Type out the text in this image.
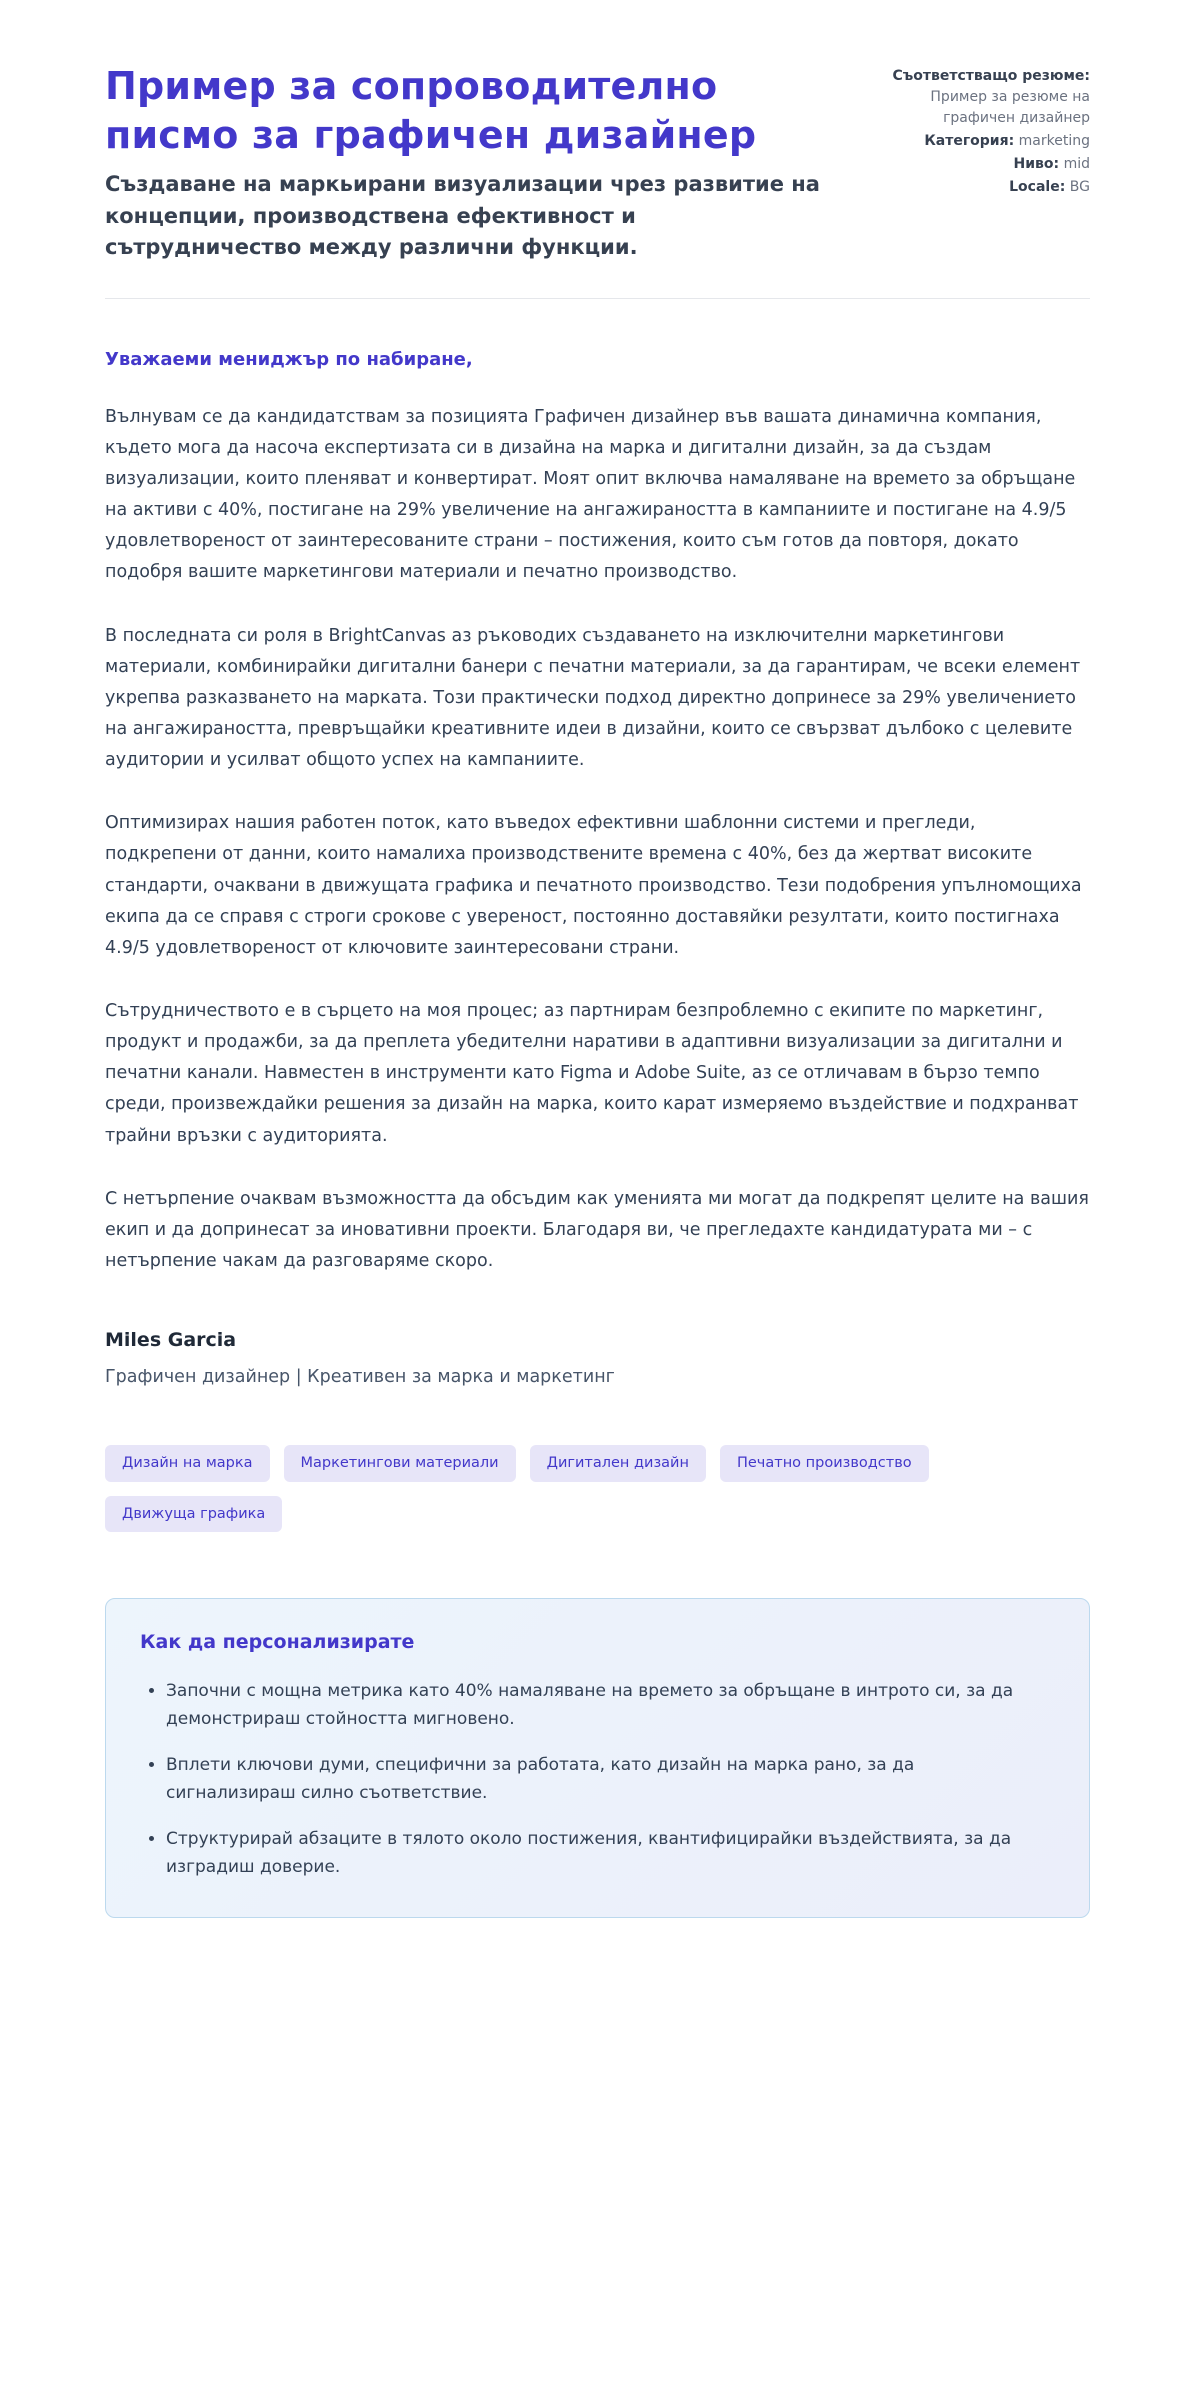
Пример за сопроводително писмо за графичен дизайнер

Създаване на маркьирани визуализации чрез развитие на концепции, производствена ефективност и сътрудничество между различни функции.

Съответстващо резюме: Пример за резюме на графичен дизайнер

Категория: marketing

Ниво: mid

Locale: BG

Уважаеми мениджър по набиране,

Вълнувам се да кандидатствам за позицията Графичен дизайнер във вашата динамична компания, където мога да насоча експертизата си в дизайна на марка и дигитални дизайн, за да създам визуализации, които пленяват и конвертират. Моят опит включва намаляване на времето за обръщане на активи с 40%, постигане на 29% увеличение на ангажираността в кампаниите и постигане на 4.9/5 удовлетвореност от заинтересованите страни – постижения, които съм готов да повторя, докато подобря вашите маркетингови материали и печатно производство.

В последната си роля в BrightCanvas аз ръководих създаването на изключителни маркетингови материали, комбинирайки дигитални банери с печатни материали, за да гарантирам, че всеки елемент укрепва разказването на марката. Този практически подход директно допринесе за 29% увеличението на ангажираността, превръщайки креативните идеи в дизайни, които се свързват дълбоко с целевите аудитории и усилват общото успех на кампаниите.

Оптимизирах нашия работен поток, като въведох ефективни шаблонни системи и прегледи, подкрепени от данни, които намалиха производствените времена с 40%, без да жертват високите стандарти, очаквани в движущата графика и печатното производство. Тези подобрения упълномощиха екипа да се справя с строги срокове с увереност, постоянно доставяйки резултати, които постигнаха 4.9/5 удовлетвореност от ключовите заинтересовани страни.

Сътрудничеството е в сърцето на моя процес; аз партнирам безпроблемно с екипите по маркетинг, продукт и продажби, за да преплета убедителни наративи в адаптивни визуализации за дигитални и печатни канали. Навместен в инструменти като Figma и Adobe Suite, аз се отличавам в бързо темпо среди, произвеждайки решения за дизайн на марка, които карат измеряемо въздействие и подхранват трайни връзки с аудиторията.

С нетърпение очаквам възможността да обсъдим как уменията ми могат да подкрепят целите на вашия екип и да допринесат за иновативни проекти. Благодаря ви, че прегледахте кандидатурата ми – с нетърпение чакам да разговаряме скоро.

Miles Garcia

Графичен дизайнер | Креативен за марка и маркетинг

Дизайн на марка	Маркетингови материали	Дигитален дизайн	Печатно производство
Движуща графика
Как да персонализирате
• Започни с мощна метрика като 40% намаляване на времето за обръщане в интрото си, за да демонстрираш стойността мигновено.
• Вплети ключови думи, специфични за работата, като дизайн на марка рано, за да сигнализираш силно съответствие.
• Структурирай абзаците в тялото около постижения, квантифицирайки въздействията, за да изградиш доверие.
